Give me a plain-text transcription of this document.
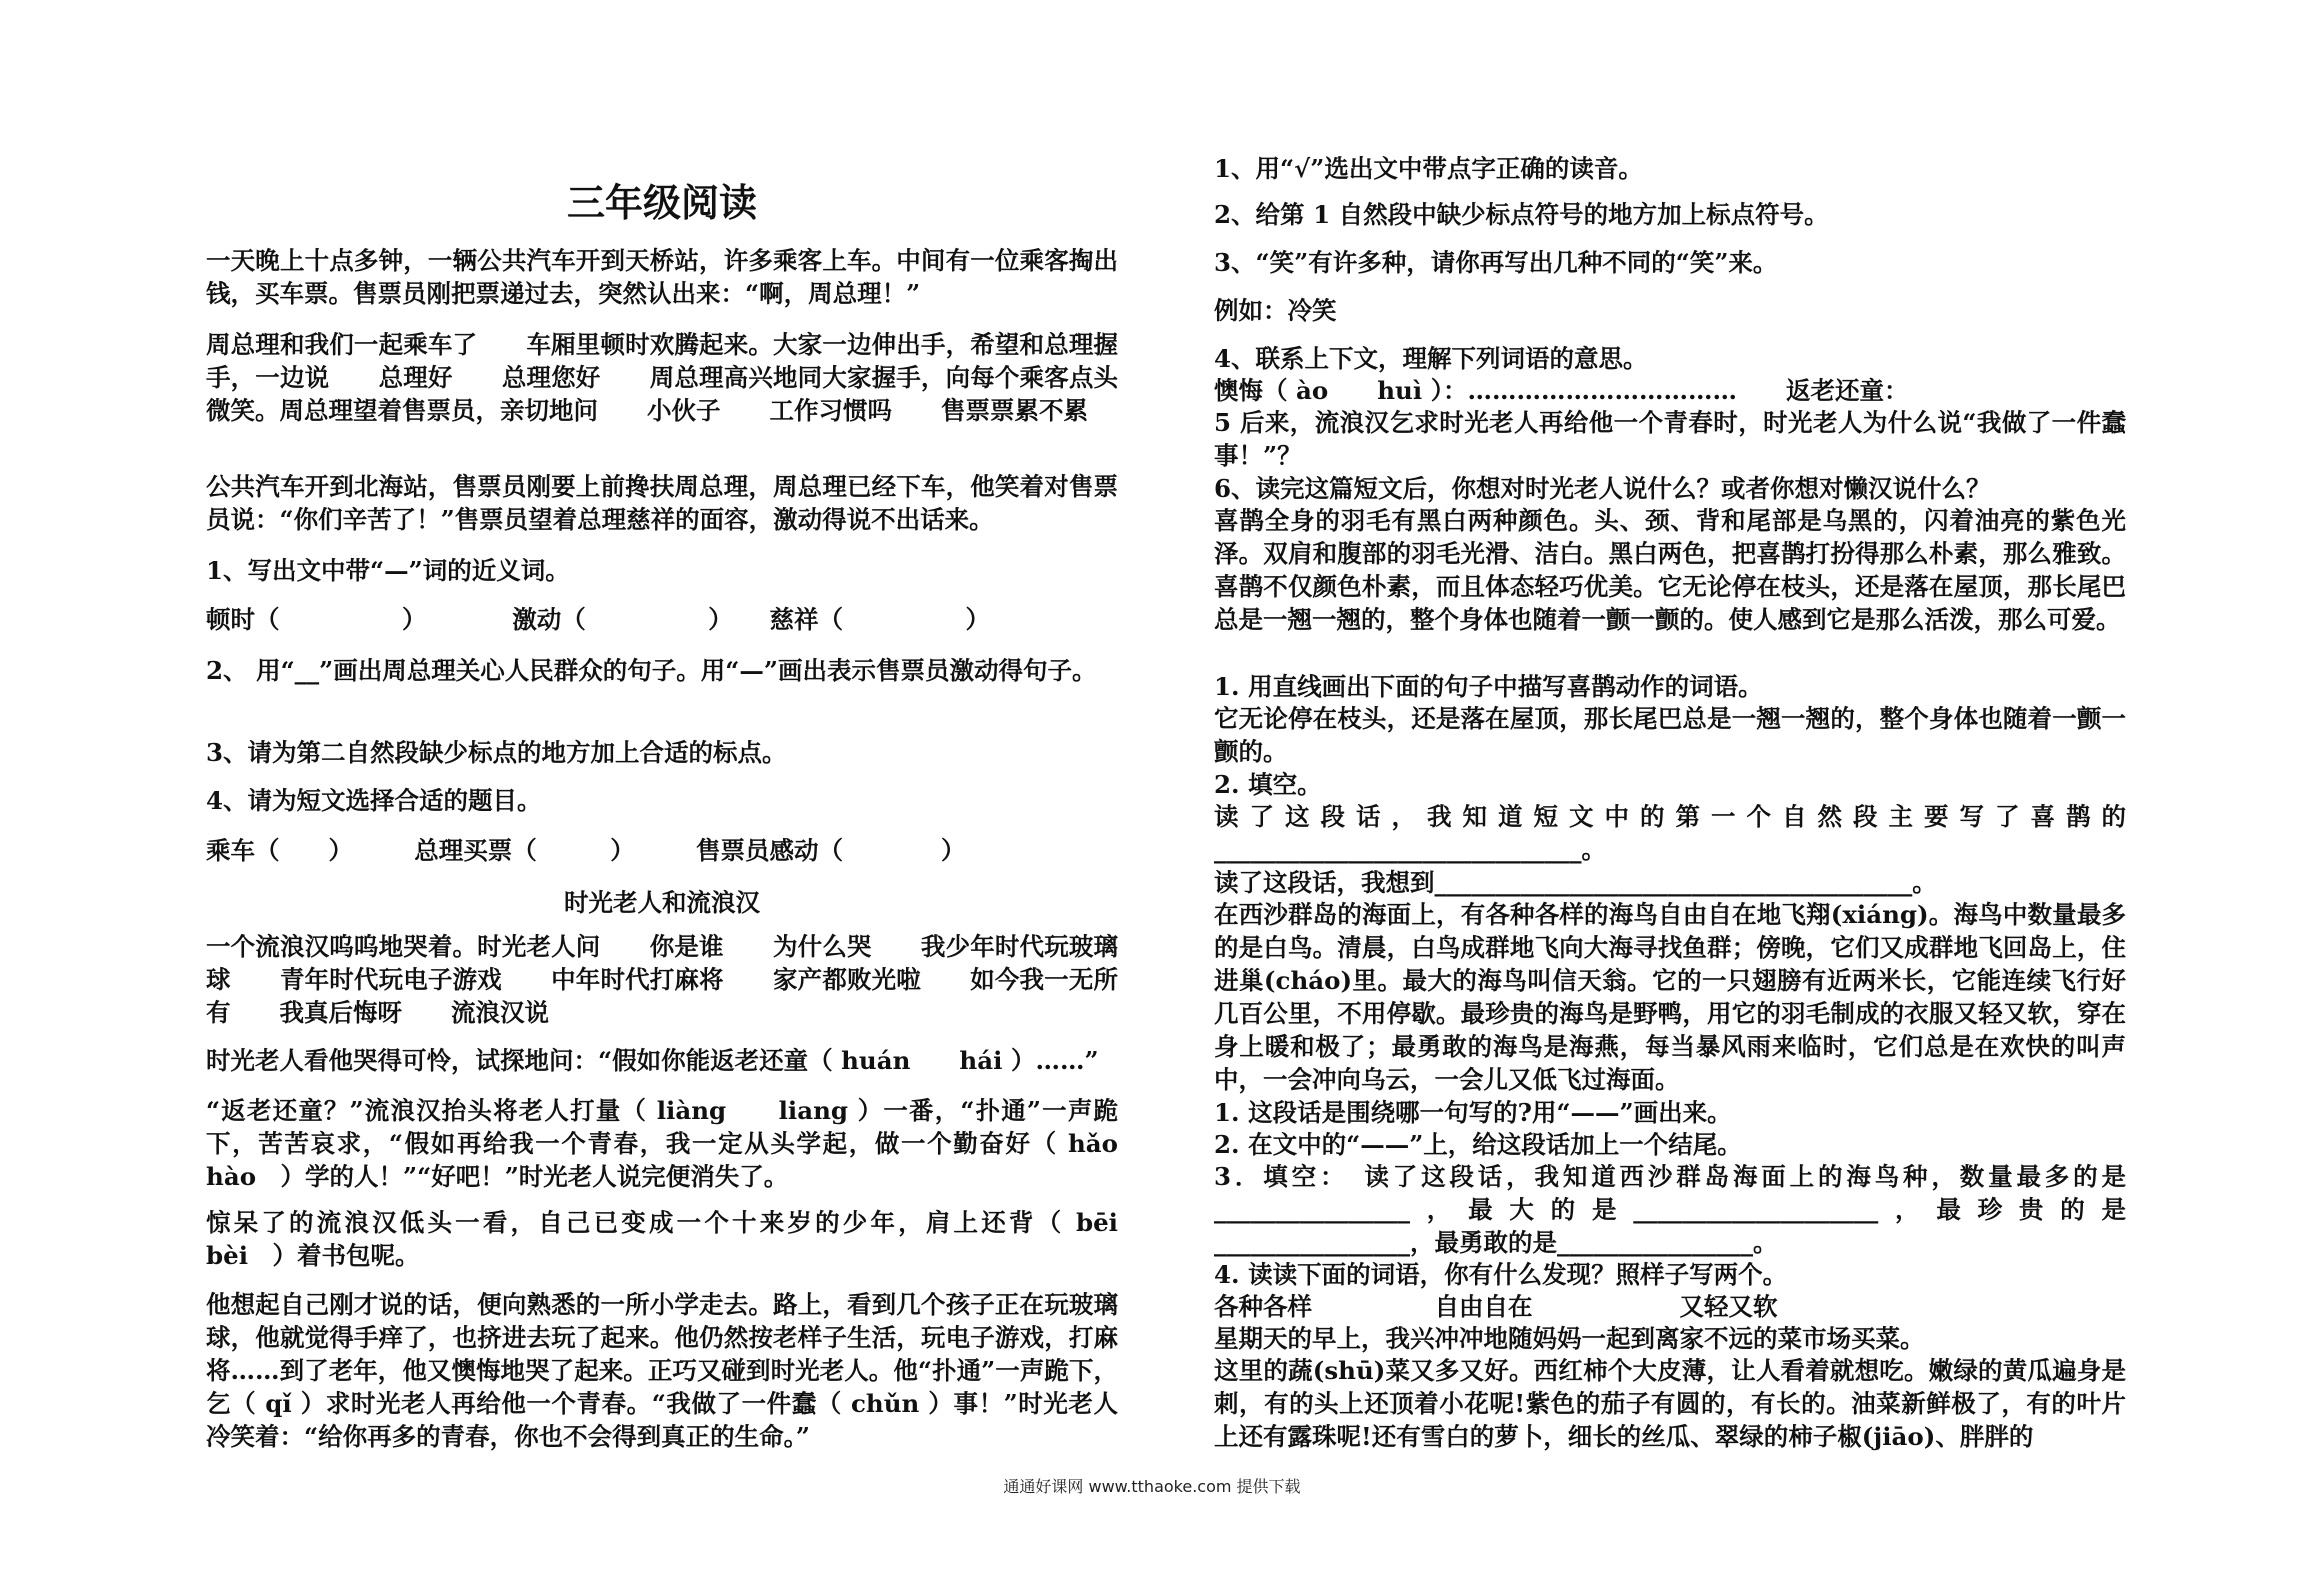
三年级阅读
一天晚上十点多钟，一辆公共汽车开到天桥站，许多乘客上车。中间有一位乘客掏出钱，买车票。售票员刚把票递过去，突然认出来：“啊，周总理！”
周总理和我们一起乘车了　　车厢里顿时欢腾起来。大家一边伸出手，希望和总理握手，一边说　　总理好　　总理您好　　周总理高兴地同大家握手，向每个乘客点头微笑。周总理望着售票员，亲切地问　　小伙子　　工作习惯吗　　售票票累不累
公共汽车开到北海站，售票员刚要上前搀扶周总理，周总理已经下车，他笑着对售票员说：“你们辛苦了！”售票员望着总理慈祥的面容，激动得说不出话来。
1、写出文中带“—”词的近义词。
顿时（　　　　　）　　　　激动（　　　　　）　　慈祥（　　　　　）
2、 用“__”画出周总理关心人民群众的句子。用“—”画出表示售票员激动得句子。
3、请为第二自然段缺少标点的地方加上合适的标点。
4、请为短文选择合适的题目。
乘车（　　）　　　总理买票（　　　）　　　售票员感动（　　　　）
时光老人和流浪汉
一个流浪汉呜呜地哭着。时光老人问　　你是谁　　为什么哭　　我少年时代玩玻璃球　　青年时代玩电子游戏　　中年时代打麻将　　家产都败光啦　　如今我一无所有　　我真后悔呀　　流浪汉说
时光老人看他哭得可怜，试探地问：“假如你能返老还童（ huán　　hái ）……”
“返老还童？”流浪汉抬头将老人打量（ liàng　　liang ）一番，“扑通”一声跪下，苦苦哀求，“假如再给我一个青春，我一定从头学起，做一个勤奋好（ hǎo　　hào　）学的人！”“好吧！”时光老人说完便消失了。
惊呆了的流浪汉低头一看，自己已变成一个十来岁的少年，肩上还背（ bēi　　bèi　）着书包呢。
他想起自己刚才说的话，便向熟悉的一所小学走去。路上，看到几个孩子正在玩玻璃球，他就觉得手痒了，也挤进去玩了起来。他仍然按老样子生活，玩电子游戏，打麻将……到了老年，他又懊悔地哭了起来。正巧又碰到时光老人。他“扑通”一声跪下，乞（ qǐ ）求时光老人再给他一个青春。“我做了一件蠢（ chǔn ）事！”时光老人冷笑着：“给你再多的青春，你也不会得到真正的生命。”
1、用“√”选出文中带点字正确的读音。
2、给第 1 自然段中缺少标点符号的地方加上标点符号。
3、“笑”有许多种，请你再写出几种不同的“笑”来。
例如：冷笑
4、联系上下文，理解下列词语的意思。
懊悔（ ào　　huì ）：……………………………　　返老还童：
5 后来，流浪汉乞求时光老人再给他一个青春时，时光老人为什么说“我做了一件蠢事！”？
6、读完这篇短文后，你想对时光老人说什么？或者你想对懒汉说什么？
喜鹊全身的羽毛有黑白两种颜色。头、颈、背和尾部是乌黑的，闪着油亮的紫色光泽。双肩和腹部的羽毛光滑、洁白。黑白两色，把喜鹊打扮得那么朴素，那么雅致。喜鹊不仅颜色朴素，而且体态轻巧优美。它无论停在枝头，还是落在屋顶，那长尾巴总是一翘一翘的，整个身体也随着一颤一颤的。使人感到它是那么活泼，那么可爱。
1. 用直线画出下面的句子中描写喜鹊动作的词语。
它无论停在枝头，还是落在屋顶，那长尾巴总是一翘一翘的，整个身体也随着一颤一颤的。
2. 填空。
读了这段话，我知道短文中的第一个自然段主要写了喜鹊的______________________________。
读了这段话，我想到_______________________________________。
在西沙群岛的海面上，有各种各样的海鸟自由自在地飞翔(xiáng)。海鸟中数量最多的是白鸟。清晨，白鸟成群地飞向大海寻找鱼群；傍晚，它们又成群地飞回岛上，住进巢(cháo)里。最大的海鸟叫信天翁。它的一只翅膀有近两米长，它能连续飞行好几百公里，不用停歇。最珍贵的海鸟是野鸭，用它的羽毛制成的衣服又轻又软，穿在身上暖和极了；最勇敢的海鸟是海燕，每当暴风雨来临时，它们总是在欢快的叫声中，一会冲向乌云，一会儿又低飞过海面。
1. 这段话是围绕哪一句写的?用“——”画出来。
2. 在文中的“——”上，给这段话加上一个结尾。
3．填空：　读了这段话，我知道西沙群岛海面上的海鸟种，数量最多的是________________，最大的是____________________，最珍贵的是________________，最勇敢的是________________。
4. 读读下面的词语，你有什么发现？照样子写两个。
各种各样　　　　　自由自在　　　　　　又轻又软
星期天的早上，我兴冲冲地随妈妈一起到离家不远的菜市场买菜。
这里的蔬(shū)菜又多又好。西红柿个大皮薄，让人看着就想吃。嫩绿的黄瓜遍身是刺，有的头上还顶着小花呢!紫色的茄子有圆的，有长的。油菜新鲜极了，有的叶片上还有露珠呢!还有雪白的萝卜，细长的丝瓜、翠绿的柿子椒(jiāo)、胖胖的
通通好课网 www.tthaoke.com 提供下载
